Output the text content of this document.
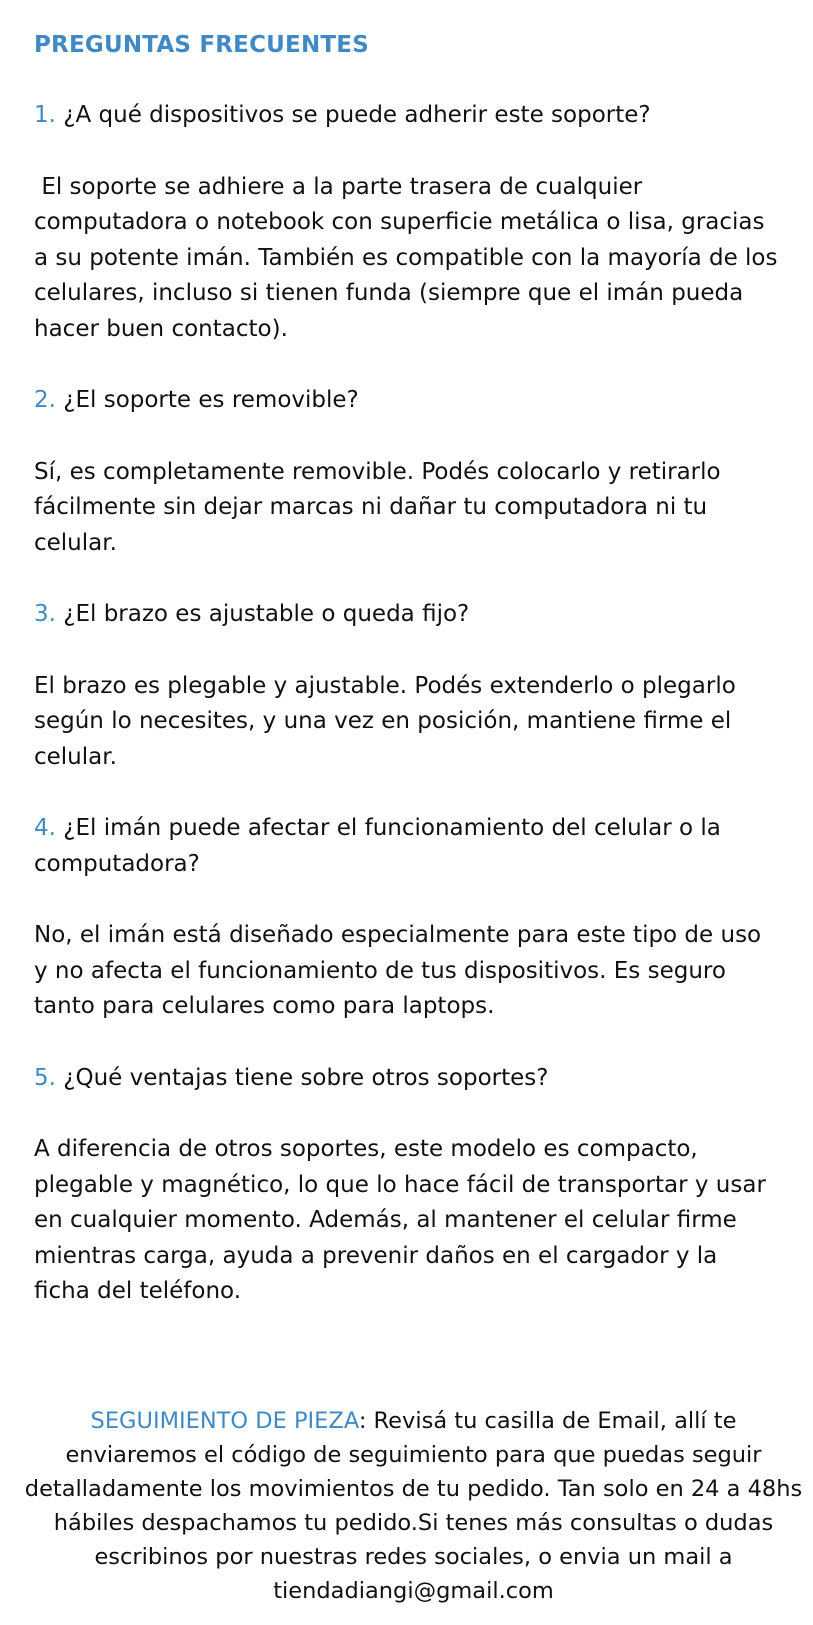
PREGUNTAS FRECUENTES

1. ¿A qué dispositivos se puede adherir este soporte?

El soporte se adhiere a la parte trasera de cualquier computadora o notebook con superficie metálica o lisa, gracias a su potente imán. También es compatible con la mayoría de los celulares, incluso si tienen funda (siempre que el imán pueda hacer buen contacto).

2. ¿El soporte es removible?

Sí, es completamente removible. Podés colocarlo y retirarlo fácilmente sin dejar marcas ni dañar tu computadora ni tu celular.

3. ¿El brazo es ajustable o queda fijo?

El brazo es plegable y ajustable. Podés extenderlo o plegarlo según lo necesites, y una vez en posición, mantiene firme el celular.

4. ¿El imán puede afectar el funcionamiento del celular o la computadora?

No, el imán está diseñado especialmente para este tipo de uso y no afecta el funcionamiento de tus dispositivos. Es seguro tanto para celulares como para laptops.

5. ¿Qué ventajas tiene sobre otros soportes?

A diferencia de otros soportes, este modelo es compacto, plegable y magnético, lo que lo hace fácil de transportar y usar en cualquier momento. Además, al mantener el celular firme mientras carga, ayuda a prevenir daños en el cargador y la ficha del teléfono.

SEGUIMIENTO DE PIEZA: Revisá tu casilla de Email, allí te enviaremos el código de seguimiento para que puedas seguir detalladamente los movimientos de tu pedido. Tan solo en 24 a 48hs hábiles despachamos tu pedido.Si tenes más consultas o dudas escribinos por nuestras redes sociales, o envia un mail a tiendadiangi@gmail.com
